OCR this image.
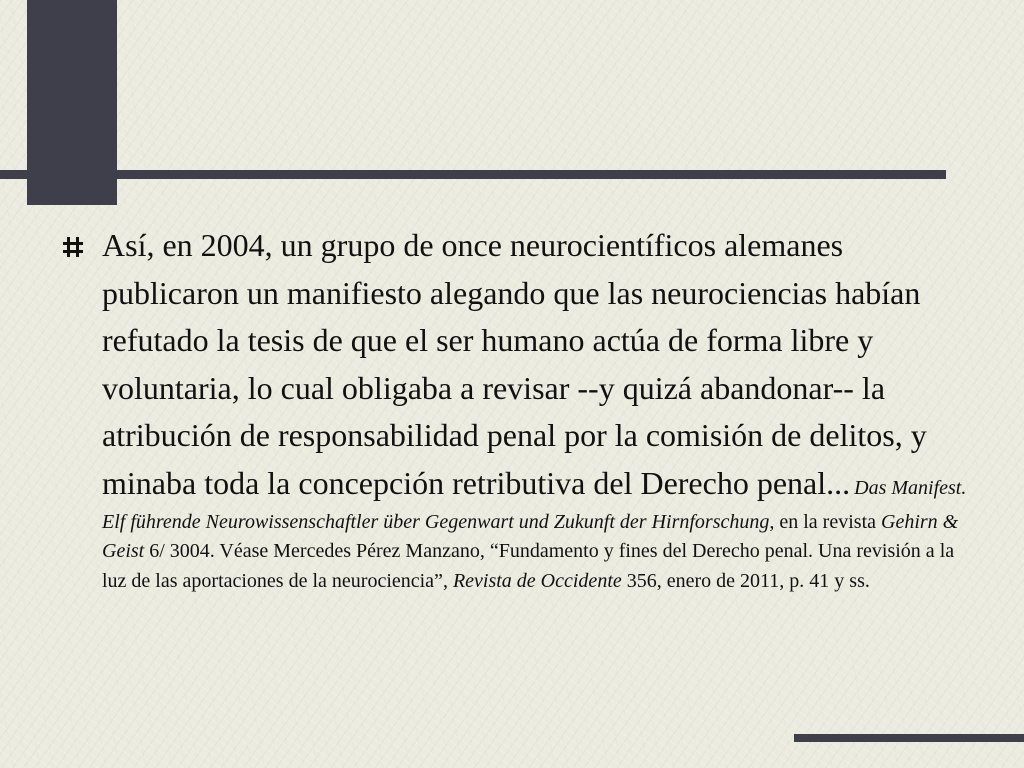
Así, en 2004, un grupo de once neurocientíficos alemanes publicaron un manifiesto alegando que las neurociencias habían refutado la tesis de que el ser humano actúa de forma libre y voluntaria, lo cual obligaba a revisar --y quizá abandonar-- la atribución de responsabilidad penal por la comisión de delitos, y minaba toda la concepción retributiva del Derecho penal... Das Manifest. Elf führende Neurowissenschaftler über Gegenwart und Zukunft der Hirnforschung, en la revista Gehirn & Geist 6/ 3004. Véase Mercedes Pérez Manzano, “Fundamento y fines del Derecho penal. Una revisión a la luz de las aportaciones de la neurociencia”, Revista de Occidente 356, enero de 2011, p. 41 y ss.
